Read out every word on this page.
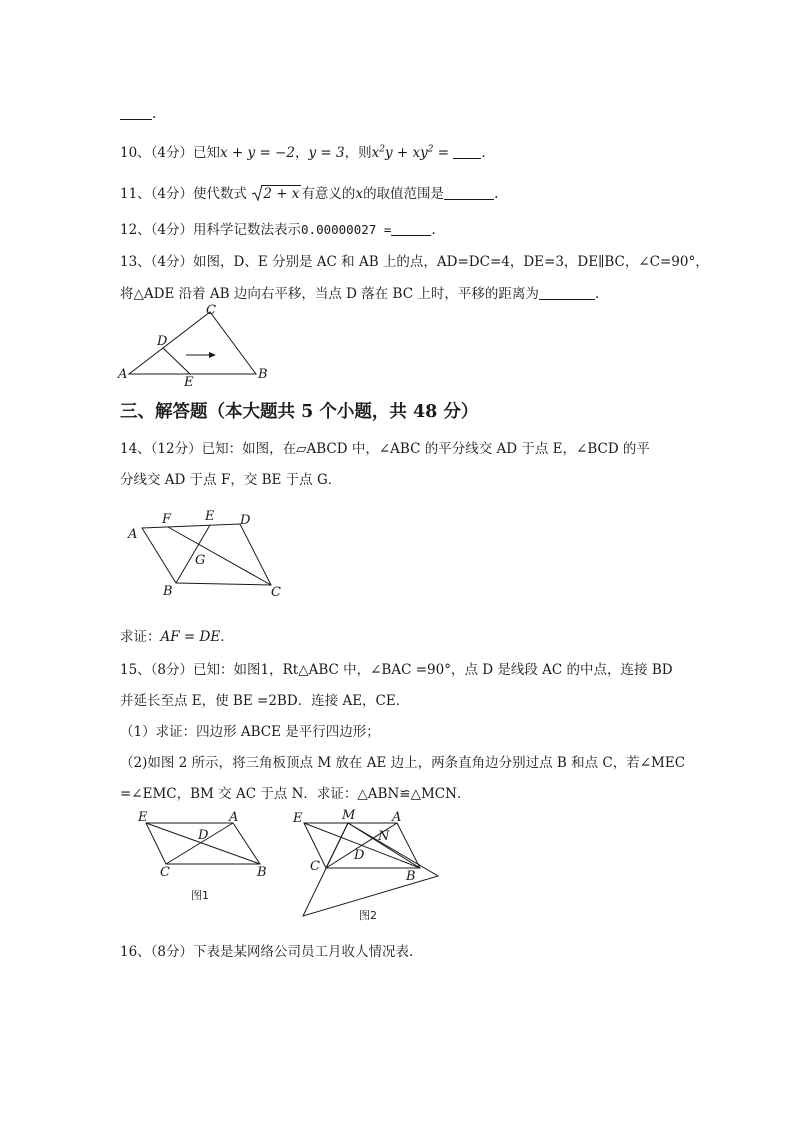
.
10、（4分）已知x + y = −2，y = 3，则$x^2y + xy^2$ = .
11、（4分）使代数式 2 + x 有意义的x的取值范围是	.
12、（4分）用科学记数法表示0.00000027 =	.
13、（4分）如图，D、E 分别是 AC 和 AB 上的点，AD=DC=4，DE=3，DE∥BC，∠C=90°，
将△ADE 沿着 AB 边向右平移，当点 D 落在 BC 上时，平移的距离为	.
A
C
B
D
E
三、解答题（本大题共 5 个小题，共 48 分）
14、（12分）已知：如图，在▱ABCD 中，∠ABC 的平分线交 AD 于点 E，∠BCD 的平
分线交 AD 于点 F，交 BE 于点 G．
A
F	E D
G
B	C
求证：AF = DE．
15、（8分）已知：如图1，Rt△ABC 中，∠BAC =90°，点 D 是线段 AC 的中点，连接 BD
并延长至点 E，使 BE =2BD．连接 AE，CE．
（1）求证：四边形 ABCE 是平行四边形；
（2)如图 2 所示，将三角板顶点 M 放在 AE 边上，两条直角边分别过点 B 和点 C，若∠MEC
=∠EMC，BM 交 AC 于点 N．求证：△ABN≌△MCN．
E	A
D
C	B
图1
E	M	A
N
D
C
B
图2
16、（8分）下表是某网络公司员工月收人情况表.
